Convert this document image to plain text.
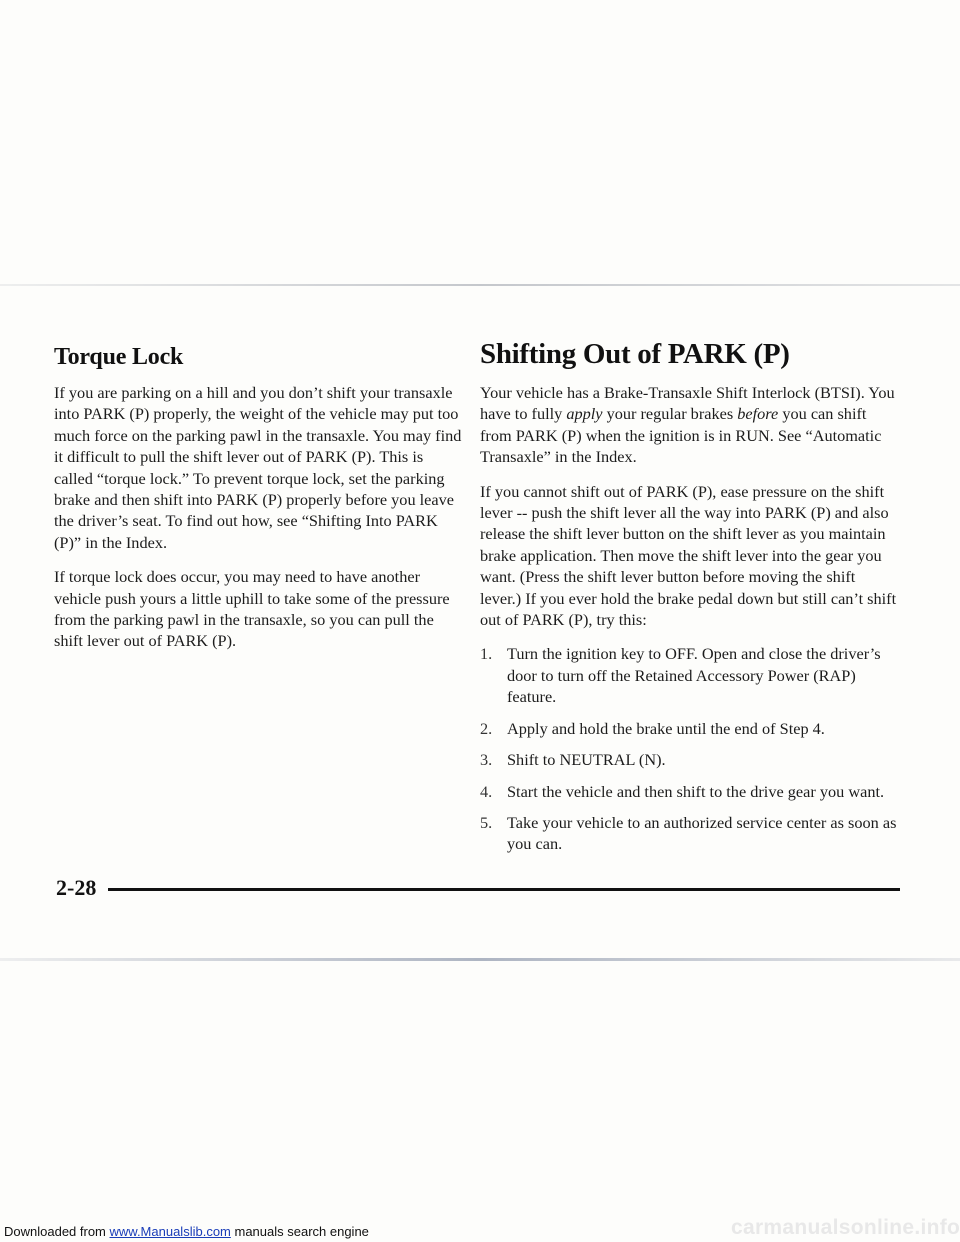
Torque Lock

If you are parking on a hill and you don’t shift your transaxle into PARK (P) properly, the weight of the vehicle may put too much force on the parking pawl in the transaxle. You may find it difficult to pull the shift lever out of PARK (P). This is called “torque lock.” To prevent torque lock, set the parking brake and then shift into PARK (P) properly before you leave the driver’s seat. To find out how, see “Shifting Into PARK (P)” in the Index.

If torque lock does occur, you may need to have another vehicle push yours a little uphill to take some of the pressure from the parking pawl in the transaxle, so you can pull the shift lever out of PARK (P).

Shifting Out of PARK (P)

Your vehicle has a Brake-Transaxle Shift Interlock (BTSI). You have to fully apply your regular brakes before you can shift from PARK (P) when the ignition is in RUN. See “Automatic Transaxle” in the Index.

If you cannot shift out of PARK (P), ease pressure on the shift lever -- push the shift lever all the way into PARK (P) and also release the shift lever button on the shift lever as you maintain brake application. Then move the shift lever into the gear you want. (Press the shift lever button before moving the shift lever.) If you ever hold the brake pedal down but still can’t shift out of PARK (P), try this:

1. Turn the ignition key to OFF. Open and close the driver’s door to turn off the Retained Accessory Power (RAP) feature.
2. Apply and hold the brake until the end of Step 4.
3. Shift to NEUTRAL (N).
4. Start the vehicle and then shift to the drive gear you want.
5. Take your vehicle to an authorized service center as soon as you can.
2-28
Downloaded from www.Manualslib.com manuals search engine	carmanualsonline.info
